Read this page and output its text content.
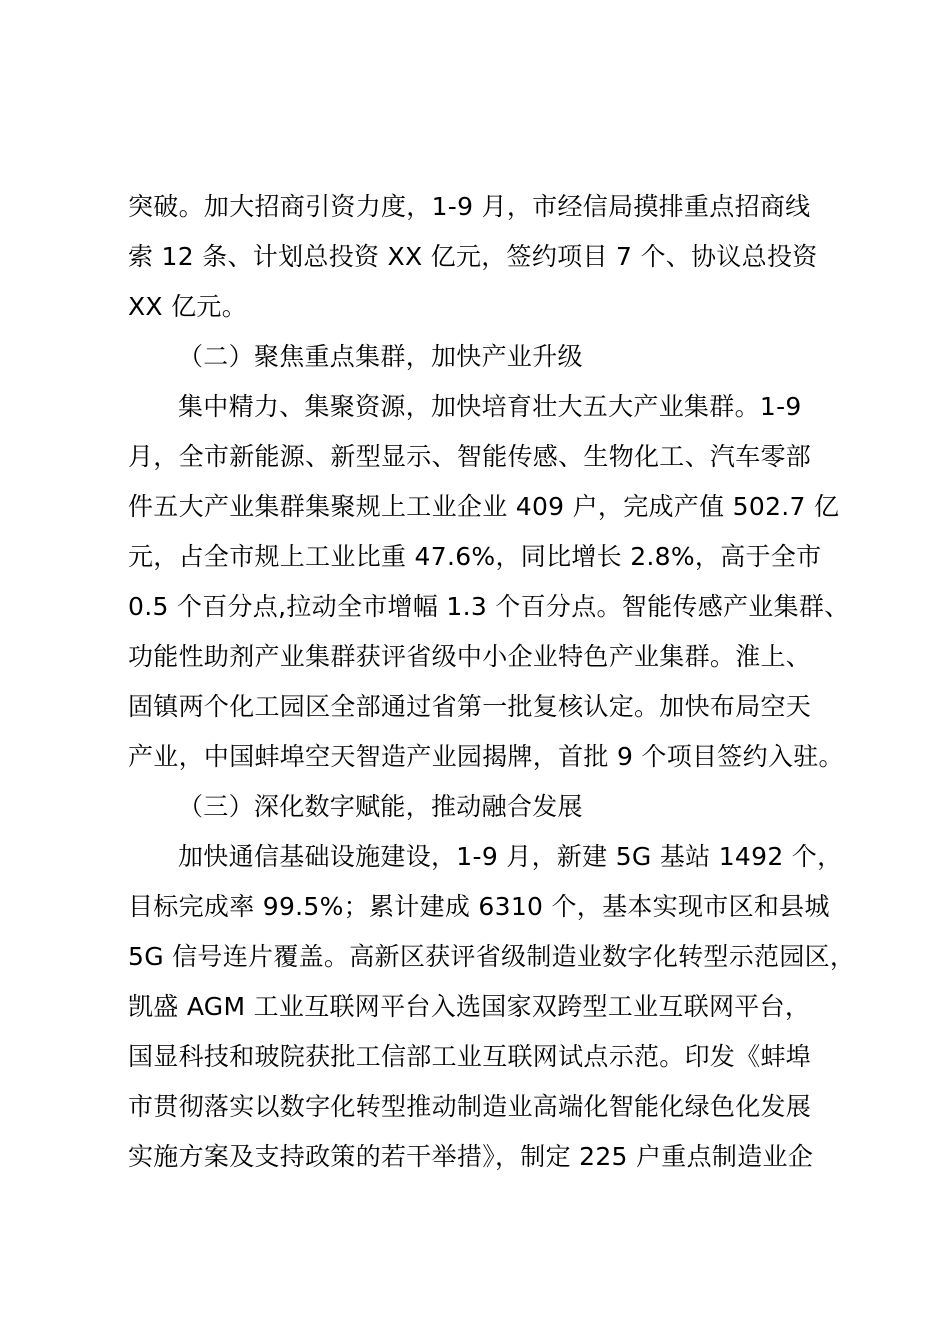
突破。加大招商引资力度，1-9 月，市经信局摸排重点招商线
索 12 条、计划总投资 XX 亿元，签约项目 7 个、协议总投资
XX 亿元。
（二）聚焦重点集群，加快产业升级
集中精力、集聚资源，加快培育壮大五大产业集群。1-9
月，全市新能源、新型显示、智能传感、生物化工、汽车零部
件五大产业集群集聚规上工业企业 409 户，完成产值 502.7 亿
元，占全市规上工业比重 47.6%，同比增长 2.8%，高于全市
0.5 个百分点,拉动全市增幅 1.3 个百分点。智能传感产业集群、
功能性助剂产业集群获评省级中小企业特色产业集群。淮上、
固镇两个化工园区全部通过省第一批复核认定。加快布局空天
产业，中国蚌埠空天智造产业园揭牌，首批 9 个项目签约入驻。
（三）深化数字赋能，推动融合发展
加快通信基础设施建设，1-9 月，新建 5G 基站 1492 个，
目标完成率 99.5%；累计建成 6310 个，基本实现市区和县城
5G 信号连片覆盖。高新区获评省级制造业数字化转型示范园区，
凯盛 AGM 工业互联网平台入选国家双跨型工业互联网平台，
国显科技和玻院获批工信部工业互联网试点示范。印发《蚌埠
市贯彻落实以数字化转型推动制造业高端化智能化绿色化发展
实施方案及支持政策的若干举措》，制定 225 户重点制造业企
